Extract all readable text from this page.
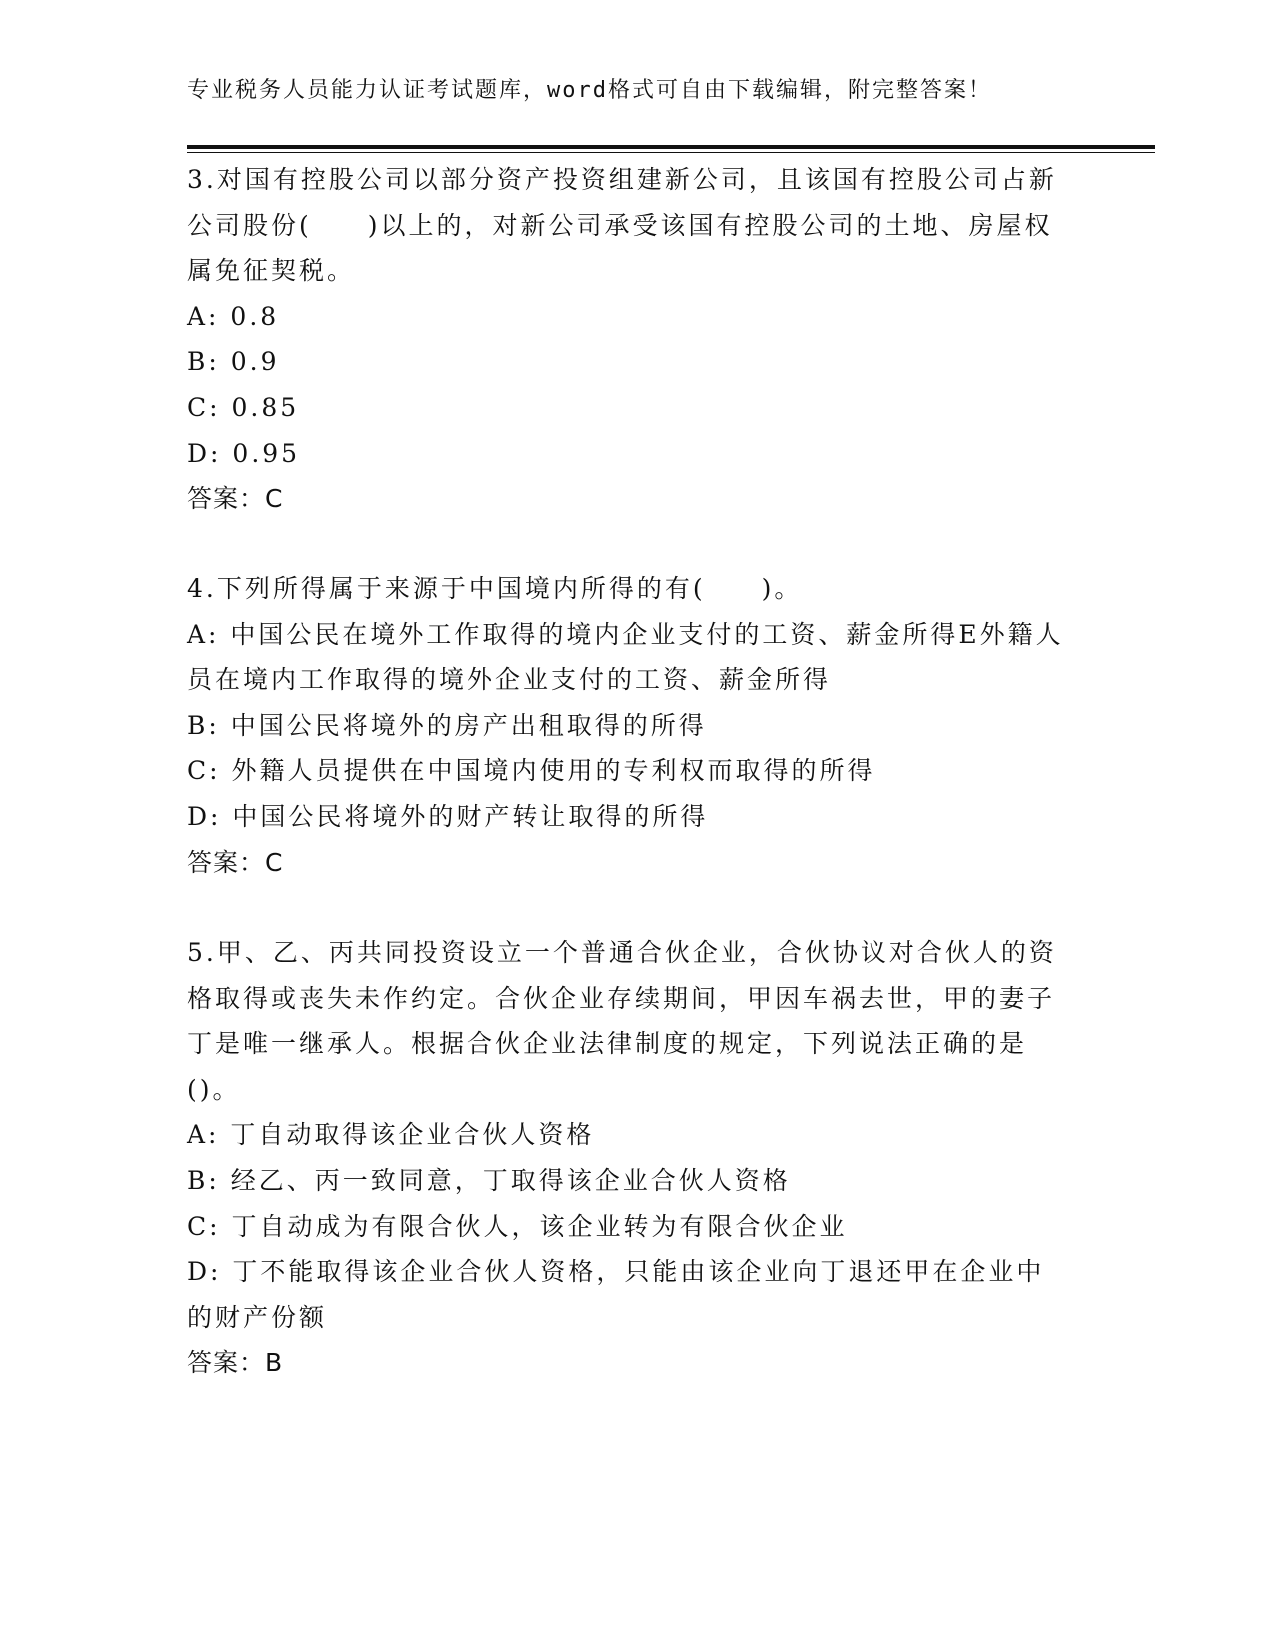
专业税务人员能力认证考试题库，word格式可自由下载编辑，附完整答案！

3.对国有控股公司以部分资产投资组建新公司，且该国有控股公司占新公司股份(　　)以上的，对新公司承受该国有控股公司的土地、房屋权属免征契税。

A: 0.8

B: 0.9

C: 0.85

D: 0.95

答案：C

4.下列所得属于来源于中国境内所得的有(　　)。

A: 中国公民在境外工作取得的境内企业支付的工资、薪金所得E外籍人员在境内工作取得的境外企业支付的工资、薪金所得

B: 中国公民将境外的房产出租取得的所得

C: 外籍人员提供在中国境内使用的专利权而取得的所得

D: 中国公民将境外的财产转让取得的所得

答案：C

5.甲、乙、丙共同投资设立一个普通合伙企业，合伙协议对合伙人的资格取得或丧失未作约定。合伙企业存续期间，甲因车祸去世，甲的妻子丁是唯一继承人。根据合伙企业法律制度的规定，下列说法正确的是()。

A: 丁自动取得该企业合伙人资格

B: 经乙、丙一致同意，丁取得该企业合伙人资格

C: 丁自动成为有限合伙人，该企业转为有限合伙企业

D: 丁不能取得该企业合伙人资格，只能由该企业向丁退还甲在企业中的财产份额

答案：B
